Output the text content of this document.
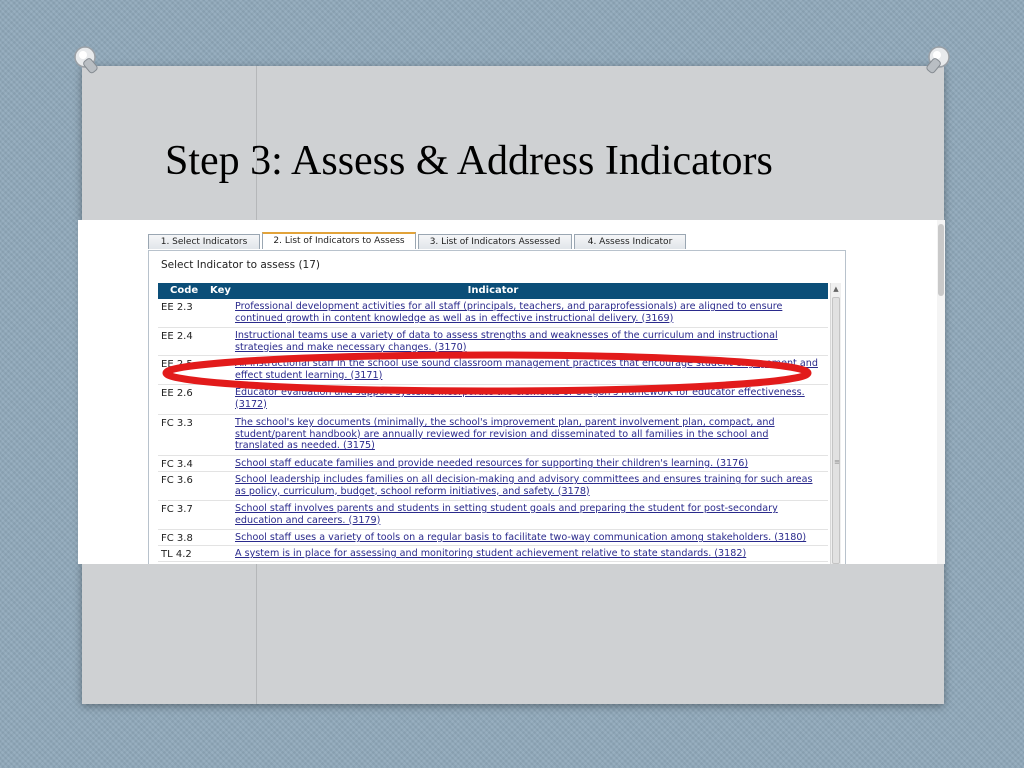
Step 3: Assess & Address Indicators
1. Select Indicators	2. List of Indicators to Assess	3. List of Indicators Assessed	4. Assess Indicator
Select Indicator to assess (17)
Indicator
Code Key
EE 2.3	Professional development activities for all staff (principals, teachers, and paraprofessionals) are aligned to ensure continued growth in content knowledge as well as in effective instructional delivery. (3169)
EE 2.4	Instructional teams use a variety of data to assess strengths and weaknesses of the curriculum and instructional strategies and make necessary changes. (3170)
EE 2.5	All instructional staff in the school use sound classroom management practices that encourage student engagement and effect student learning. (3171)
EE 2.6	Educator evaluation and support systems incorporate the elements of Oregon's framework for educator effectiveness. (3172)
FC 3.3	The school's key documents (minimally, the school's improvement plan, parent involvement plan, compact, and student/parent handbook) are annually reviewed for revision and disseminated to all families in the school and translated as needed. (3175)
FC 3.4	School staff educate families and provide needed resources for supporting their children's learning. (3176)
FC 3.6	School leadership includes families on all decision-making and advisory committees and ensures training for such areas as policy, curriculum, budget, school reform initiatives, and safety. (3178)
FC 3.7	School staff involves parents and students in setting student goals and preparing the student for post-secondary education and careers. (3179)
FC 3.8	School staff uses a variety of tools on a regular basis to facilitate two-way communication among stakeholders. (3180)
TL 4.2	A system is in place for assessing and monitoring student achievement relative to state standards. (3182)
▲
≡
